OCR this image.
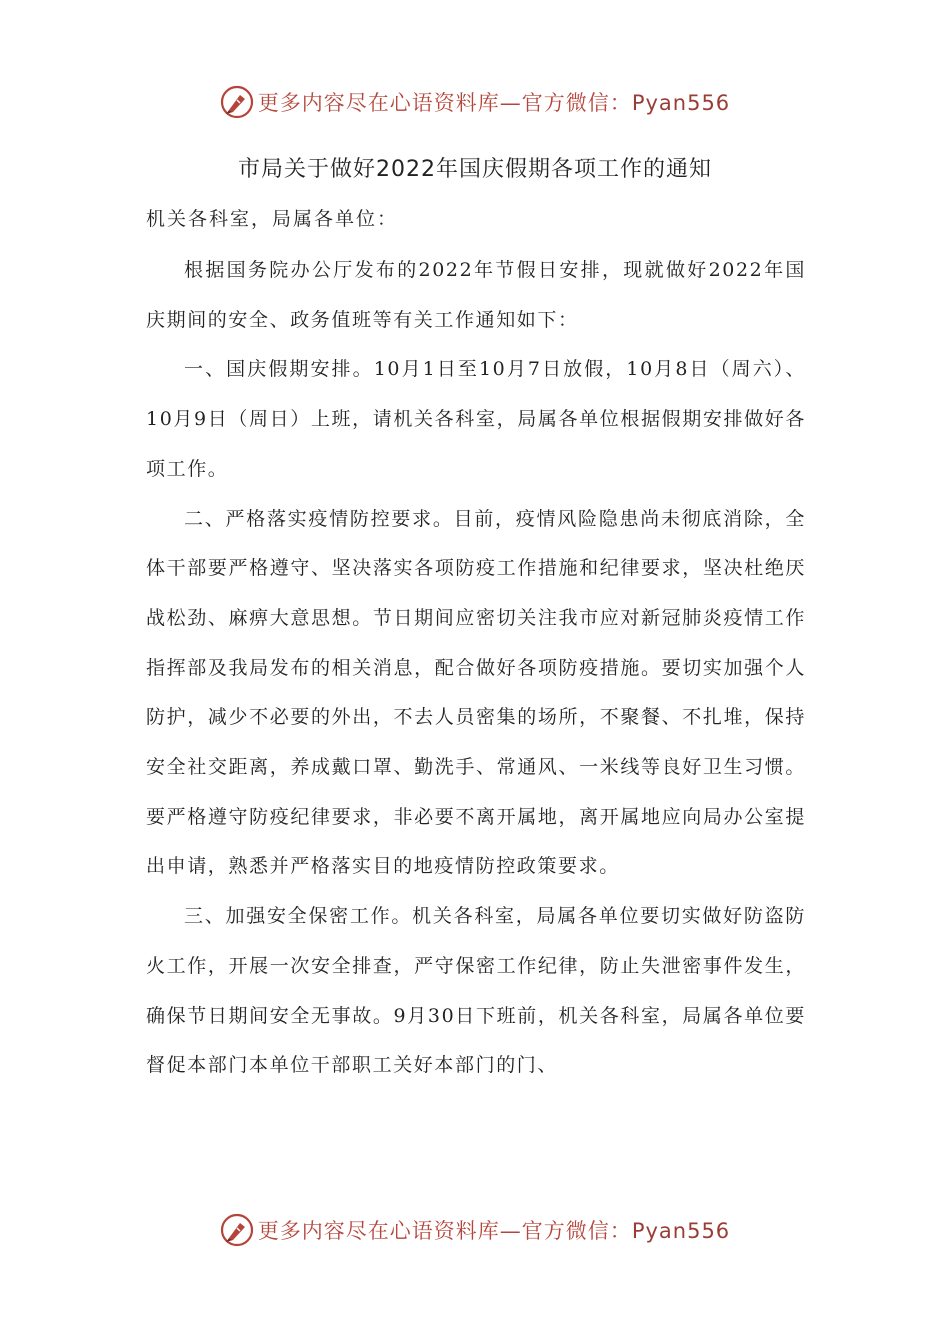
更多内容尽在心语资料库—官方微信：Pyan556
市局关于做好2022年国庆假期各项工作的通知
机关各科室，局属各单位：

根据国务院办公厅发布的2022年节假日安排，现就做好2022年国庆期间的安全、政务值班等有关工作通知如下：

一、国庆假期安排。10月1日至10月7日放假，10月8日（周六）、10月9日（周日）上班，请机关各科室，局属各单位根据假期安排做好各项工作。

二、严格落实疫情防控要求。目前，疫情风险隐患尚未彻底消除，全体干部要严格遵守、坚决落实各项防疫工作措施和纪律要求，坚决杜绝厌战松劲、麻痹大意思想。节日期间应密切关注我市应对新冠肺炎疫情工作指挥部及我局发布的相关消息，配合做好各项防疫措施。要切实加强个人防护，减少不必要的外出，不去人员密集的场所，不聚餐、不扎堆，保持安全社交距离，养成戴口罩、勤洗手、常通风、一米线等良好卫生习惯。要严格遵守防疫纪律要求，非必要不离开属地，离开属地应向局办公室提出申请，熟悉并严格落实目的地疫情防控政策要求。

三、加强安全保密工作。机关各科室，局属各单位要切实做好防盗防火工作，开展一次安全排查，严守保密工作纪律，防止失泄密事件发生，确保节日期间安全无事故。9月30日下班前，机关各科室，局属各单位要督促本部门本单位干部职工关好本部门的门、

更多内容尽在心语资料库—官方微信：Pyan556
